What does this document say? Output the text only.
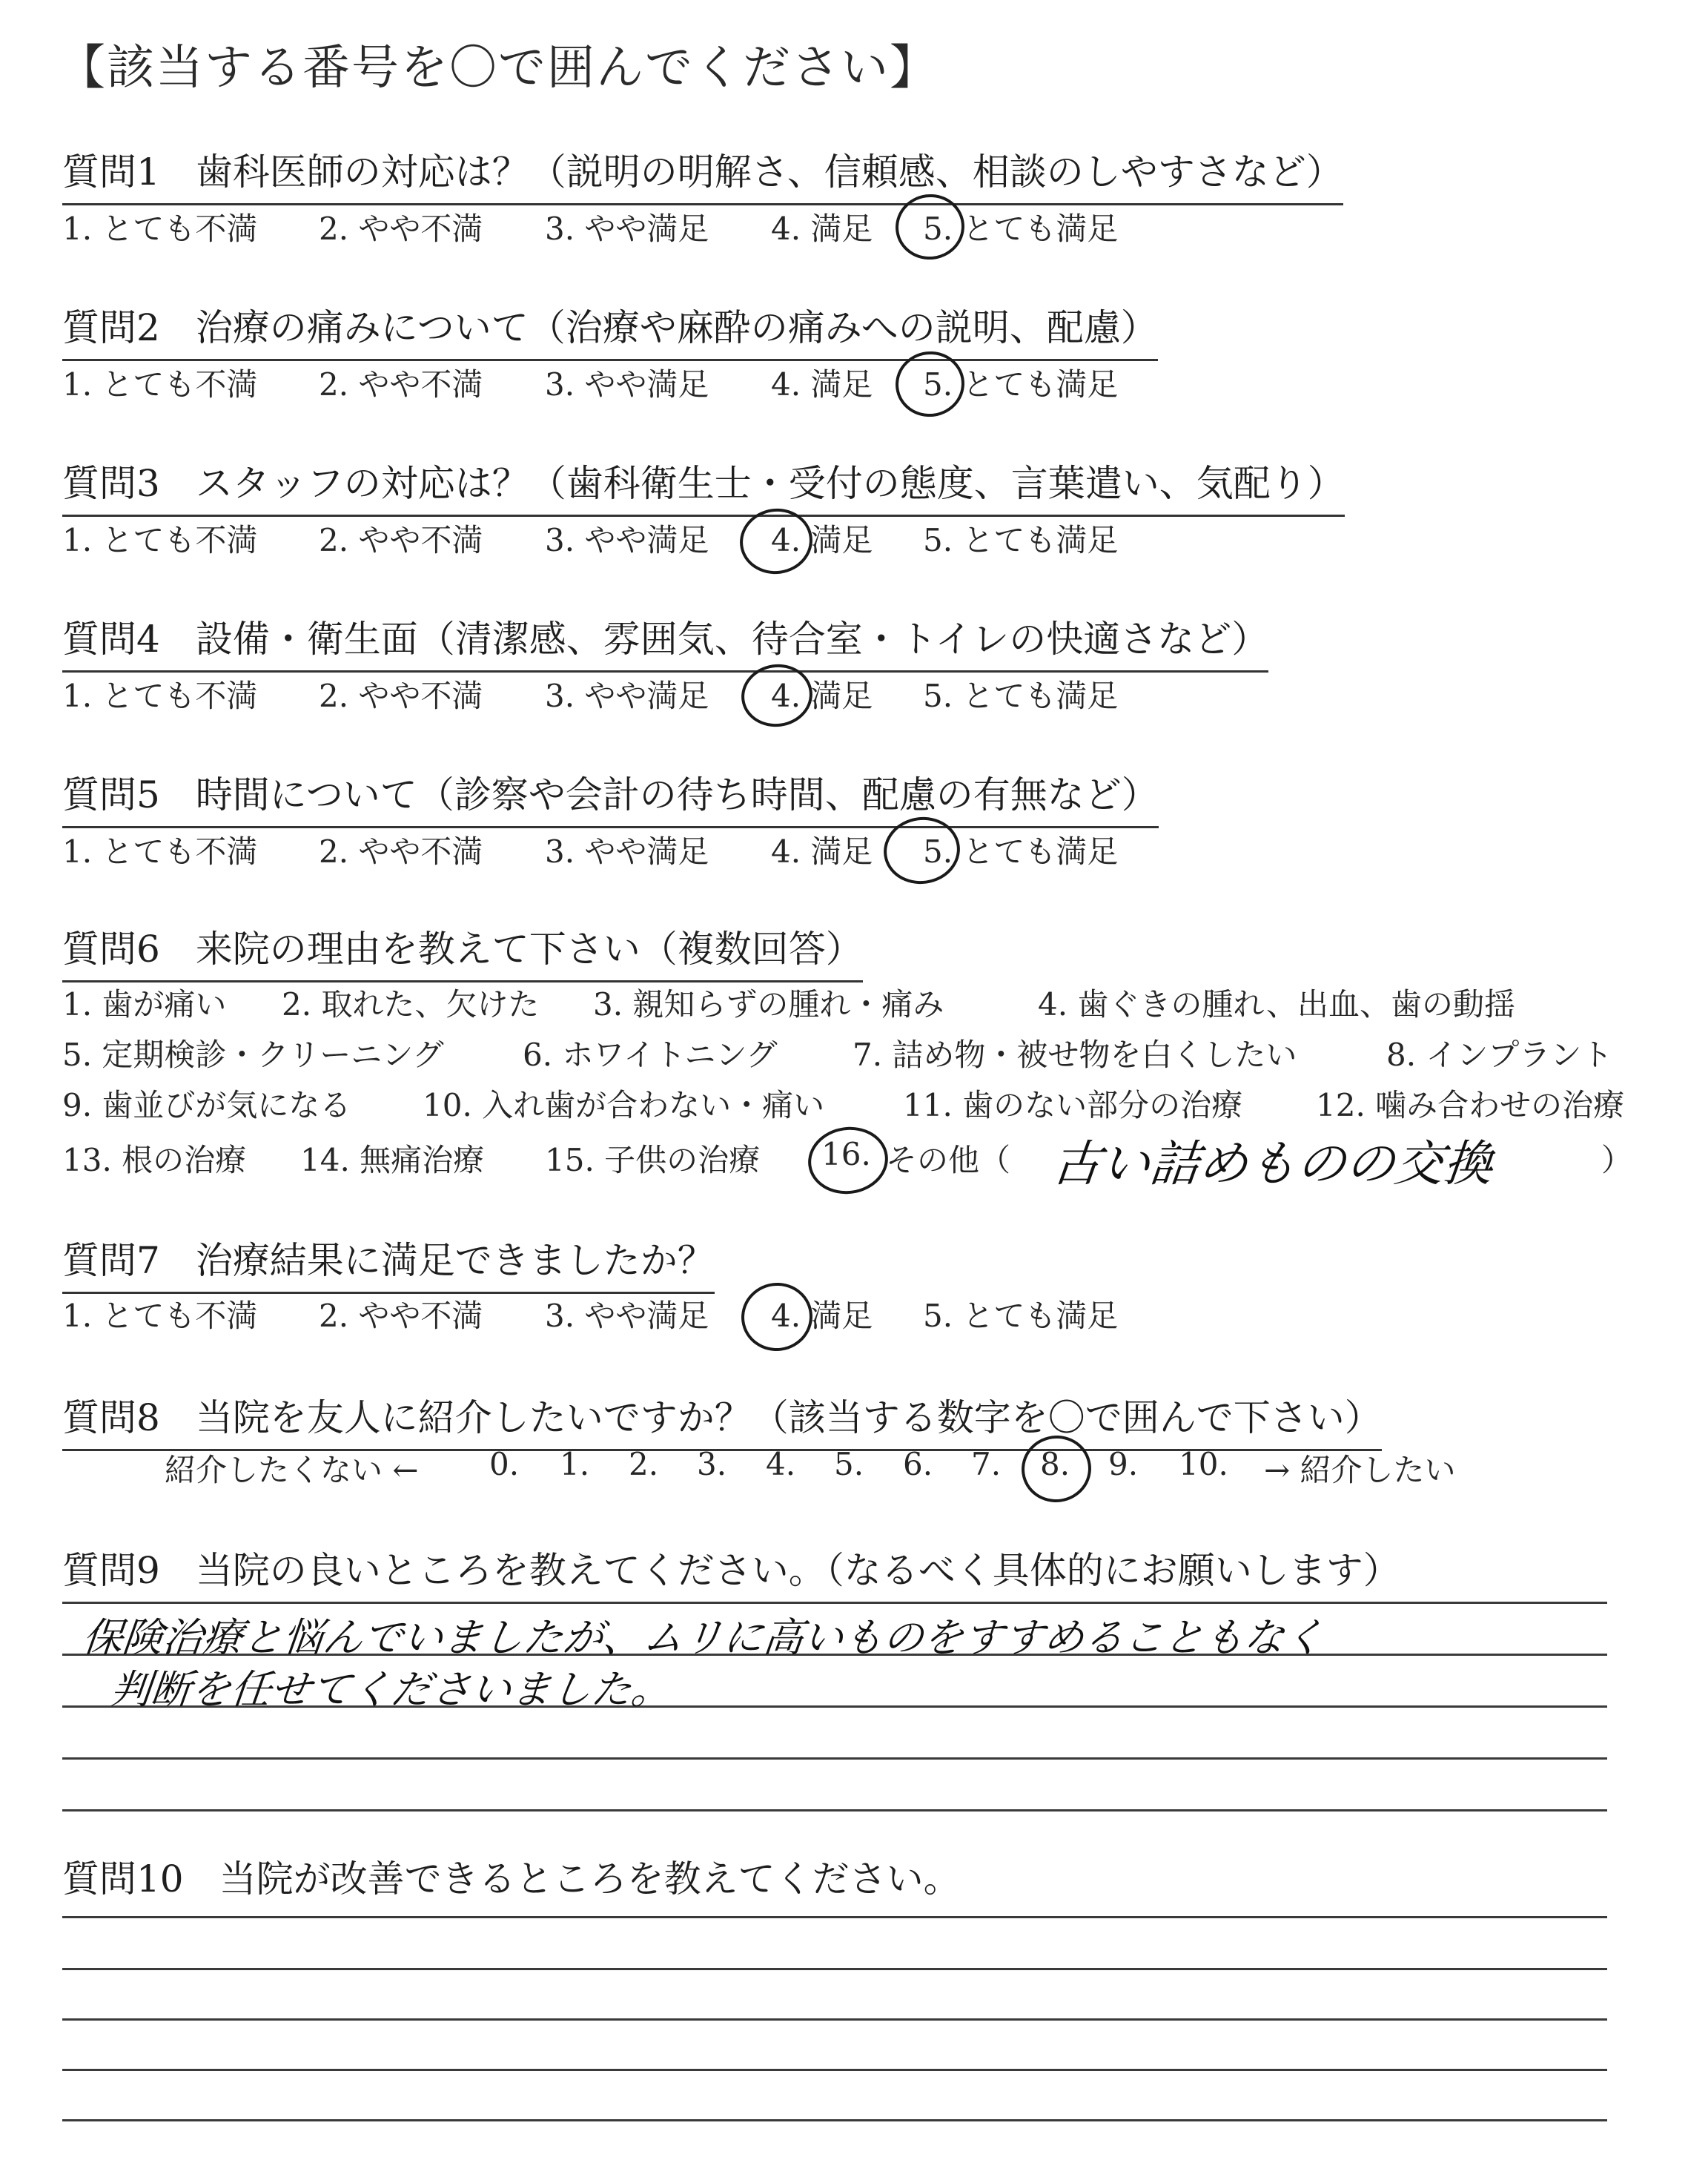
【該当する番号を〇で囲んでください】
質問1 歯科医師の対応は？（説明の明解さ、信頼感、相談のしやすさなど）
1. とても不満 2. やや不満 3. やや満足 4. 満足 5. とても満足
質問2 治療の痛みについて（治療や麻酔の痛みへの説明、配慮）
1. とても不満 2. やや不満 3. やや満足 4. 満足 5. とても満足
質問3 スタッフの対応は？（歯科衛生士・受付の態度、言葉遣い、気配り）
1. とても不満 2. やや不満 3. やや満足 4. 満足 5. とても満足
質問4 設備・衛生面（清潔感、雰囲気、待合室・トイレの快適さなど）
1. とても不満 2. やや不満 3. やや満足 4. 満足 5. とても満足
質問5 時間について（診察や会計の待ち時間、配慮の有無など）
1. とても不満 2. やや不満 3. やや満足 4. 満足 5. とても満足
質問6 来院の理由を教えて下さい（複数回答）
1. 歯が痛い 2. 取れた、欠けた 3. 親知らずの腫れ・痛み	4. 歯ぐきの腫れ、出血、歯の動揺
5. 定期検診・クリーニング	6. ホワイトニング 7. 詰め物・被せ物を白くしたい	8. インプラント
9. 歯並びが気になる 10. 入れ歯が合わない・痛い	11. 歯のない部分の治療 12. 噛み合わせの治療
13. 根の治療 14. 無痛治療 15. 子供の治療 16. その他（	）
古い詰めものの交換
質問7 治療結果に満足できましたか？
1. とても不満 2. やや不満 3. やや満足 4. 満足 5. とても満足
質問8 当院を友人に紹介したいですか？（該当する数字を〇で囲んで下さい）
紹介したくない ← 0. 1. 2. 3. 4. 5. 6. 7. 8. 9. 10. → 紹介したい
質問9 当院の良いところを教えてください。（なるべく具体的にお願いします）
保険治療と悩んでいましたが、ムリに高いものをすすめることもなく
判断を任せてくださいました。
質問10 当院が改善できるところを教えてください。
